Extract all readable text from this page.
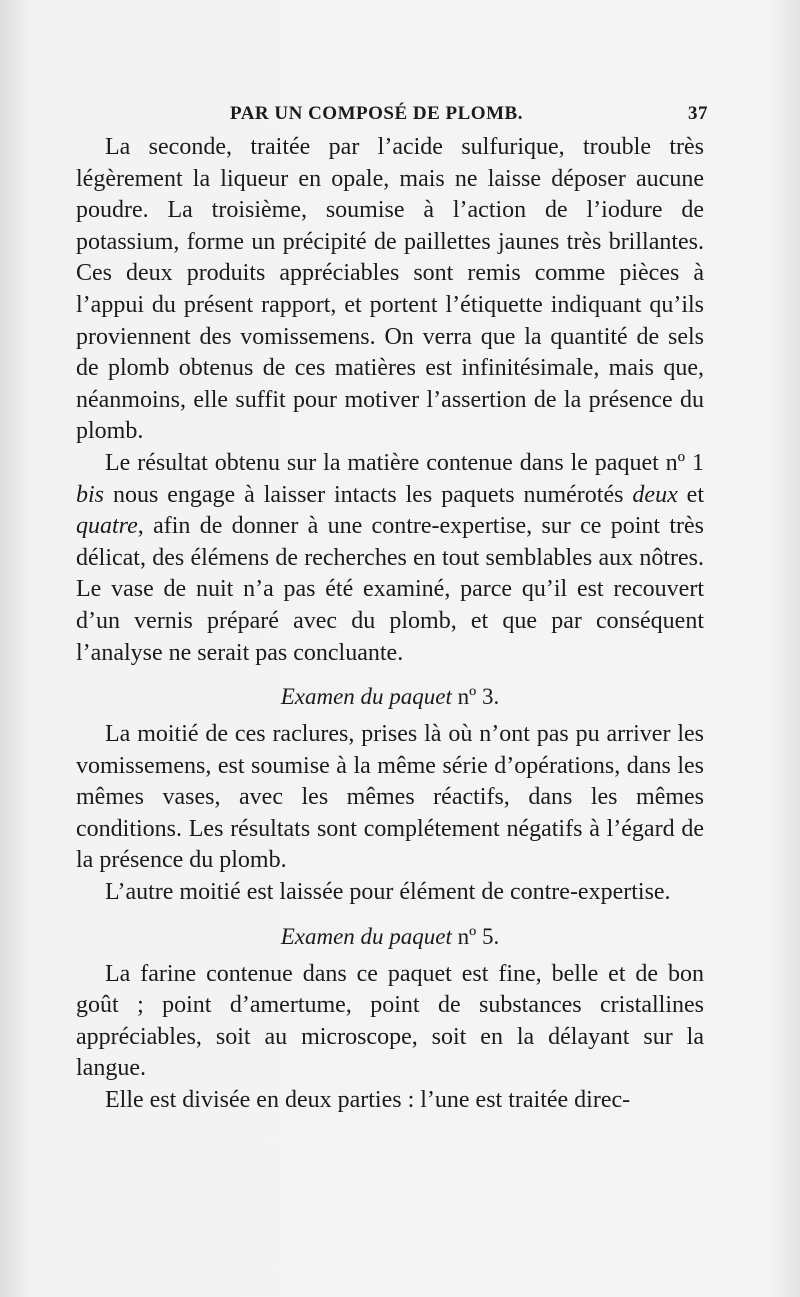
PAR UN COMPOSÉ DE PLOMB.	37

La seconde, traitée par l’acide sulfurique, trouble très légèrement la liqueur en opale, mais ne laisse déposer aucune poudre. La troisième, soumise à l’action de l’iodure de potassium, forme un précipité de paillettes jaunes très brillantes. Ces deux produits appréciables sont remis comme pièces à l’appui du présent rapport, et portent l’étiquette indiquant qu’ils proviennent des vomissemens. On verra que la quantité de sels de plomb obtenus de ces matières est infinitésimale, mais que, néanmoins, elle suffit pour motiver l’assertion de la présence du plomb.

Le résultat obtenu sur la matière contenue dans le paquet nº 1 bis nous engage à laisser intacts les paquets numérotés deux et quatre, afin de donner à une contre-expertise, sur ce point très délicat, des élémens de recherches en tout semblables aux nôtres. Le vase de nuit n’a pas été examiné, parce qu’il est recouvert d’un vernis préparé avec du plomb, et que par conséquent l’analyse ne serait pas concluante.

Examen du paquet nº 3.

La moitié de ces raclures, prises là où n’ont pas pu arriver les vomissemens, est soumise à la même série d’opérations, dans les mêmes vases, avec les mêmes réactifs, dans les mêmes conditions. Les résultats sont complétement négatifs à l’égard de la présence du plomb.

L’autre moitié est laissée pour élément de contre-expertise.

Examen du paquet nº 5.

La farine contenue dans ce paquet est fine, belle et de bon goût ; point d’amertume, point de substances cristallines appréciables, soit au microscope, soit en la délayant sur la langue.

Elle est divisée en deux parties : l’une est traitée direc-
